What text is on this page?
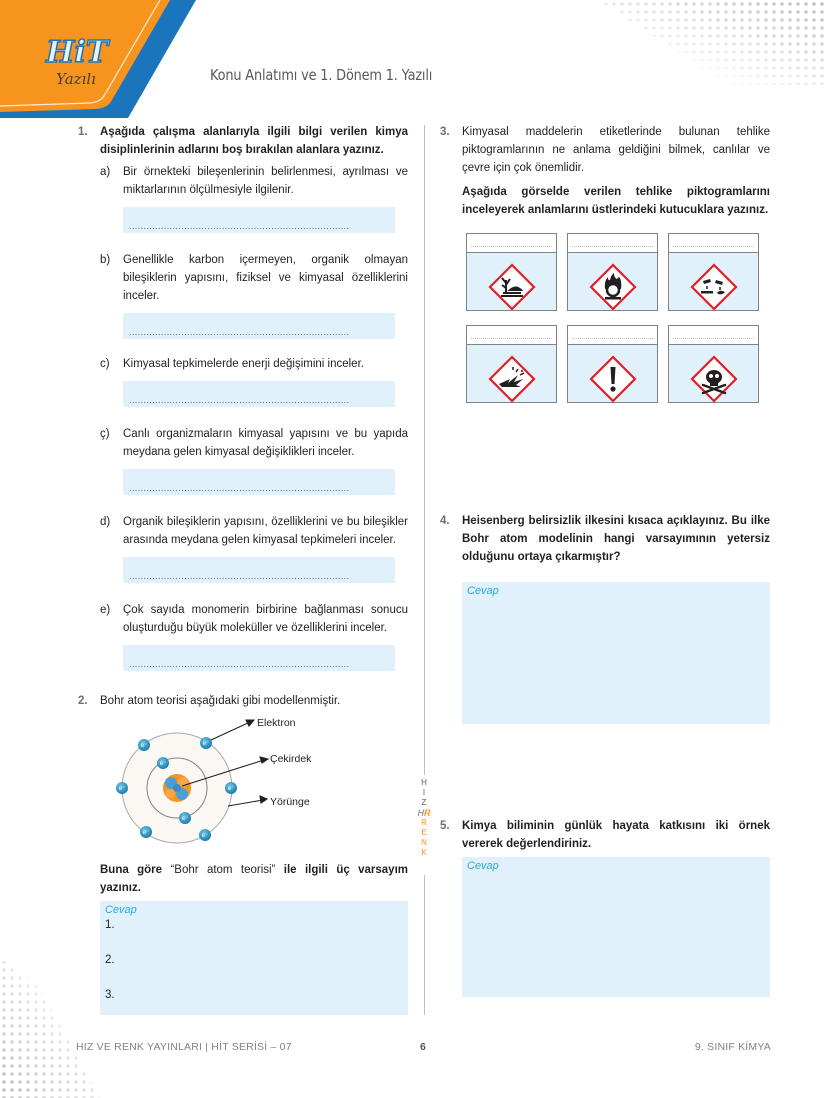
HiT
Yazılı	Konu Anlatımı ve 1. Dönem 1. Yazılı
H
I
Z
HR
R
E
N
K
1. Aşağıda çalışma alanlarıyla ilgili bilgi verilen kimya disiplinlerinin adlarını boş bırakılan alanlara yazınız.
a) Bir örnekteki bileşenlerinin belirlenmesi, ayrılması ve miktarlarının ölçülmesiyle ilgilenir.
............................................................................
b) Genellikle karbon içermeyen, organik olmayan bileşiklerin yapısını, fiziksel ve kimyasal özelliklerini inceler.
............................................................................
c) Kimyasal tepkimelerde enerji değişimini inceler.
............................................................................
ç) Canlı organizmaların kimyasal yapısını ve bu yapıda meydana gelen kimyasal değişiklikleri inceler.
............................................................................
d) Organik bileşiklerin yapısını, özelliklerini ve bu bileşikler arasında meydana gelen kimyasal tepkimeleri inceler.
............................................................................
e) Çok sayıda monomerin birbirine bağlanması sonucu oluşturduğu büyük moleküller ve özelliklerini inceler.
............................................................................
2. Bohr atom teorisi aşağıdaki gibi modellenmiştir.
e⁻
e⁻
e⁻	e⁻
e⁻	e⁻
e⁻
e⁻
Elektron
Çekirdek
Yörünge
Buna göre “Bohr atom teorisi” ile ilgili üç varsayım yazınız.
Cevap
1.
2.
3.
3. Kimyasal maddelerin etiketlerinde bulunan tehlike piktogramlarının ne anlama geldiğini bilmek, canlılar ve çevre için çok önemlidir.
Aşağıda görselde verilen tehlike piktogramlarını inceleyerek anlamlarını üstlerindeki kutucuklara yazınız.
4. Heisenberg belirsizlik ilkesini kısaca açıklayınız. Bu ilke Bohr atom modelinin hangi varsayımının yetersiz olduğunu ortaya çıkarmıştır?
Cevap
5. Kimya biliminin günlük hayata katkısını iki örnek vererek değerlendiriniz.
Cevap
HIZ VE RENK YAYINLARI | HİT SERİSİ – 07	6	9. SINIF KİMYA
